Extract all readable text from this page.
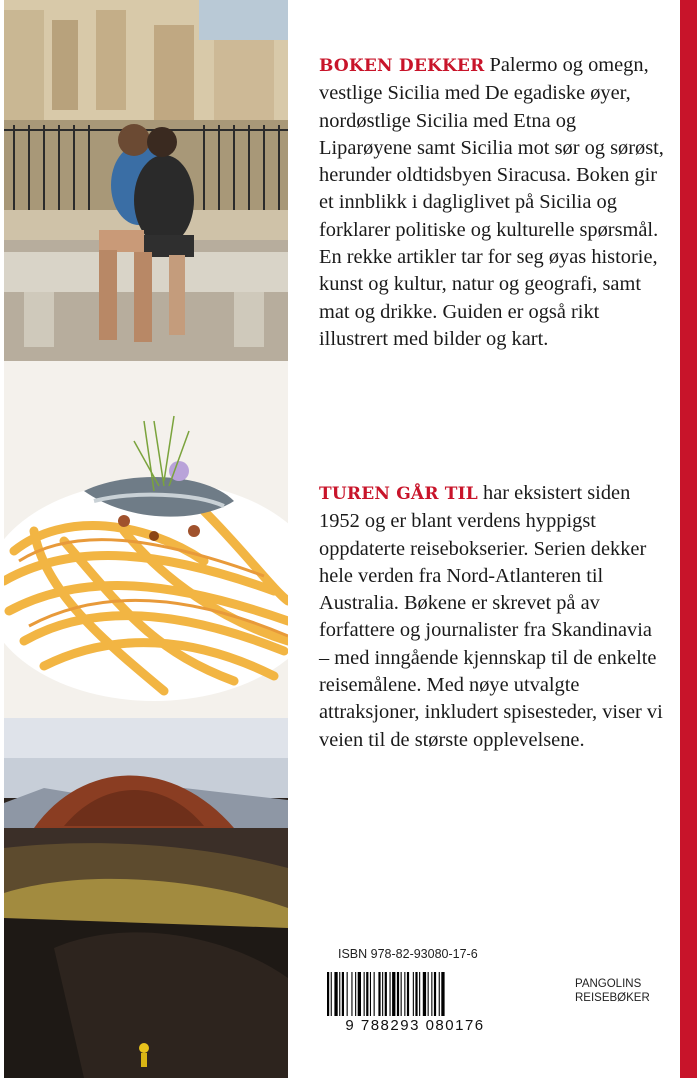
BOKEN DEKKER Palermo og omegn, vestlige Sicilia med De egadiske øyer, nordøstlige Sicilia med Etna og Liparøyene samt Sicilia mot sør og sørøst, herunder oldtidsbyen Siracusa. Boken gir et innblikk i dagliglivet på Sicilia og forklarer politiske og kulturelle spørsmål. En rekke artikler tar for seg øyas historie, kunst og kultur, natur og geografi, samt mat og drikke. Guiden er også rikt illustrert med bilder og kart.
TUREN GÅR TIL har eksistert siden 1952 og er blant verdens hyppigst oppdaterte reisebokserier. Serien dekker hele verden fra Nord-Atlanteren til Australia. Bøkene er skrevet på av forfattere og journalister fra Skandinavia – med inngående kjennskap til de enkelte reisemålene. Med nøye utvalgte attraksjoner, inkludert spisesteder, viser vi veien til de største opplevelsene.
ISBN 978-82-93080-17-6
9 788293 080176
PANGOLINS
REISEBØKER
